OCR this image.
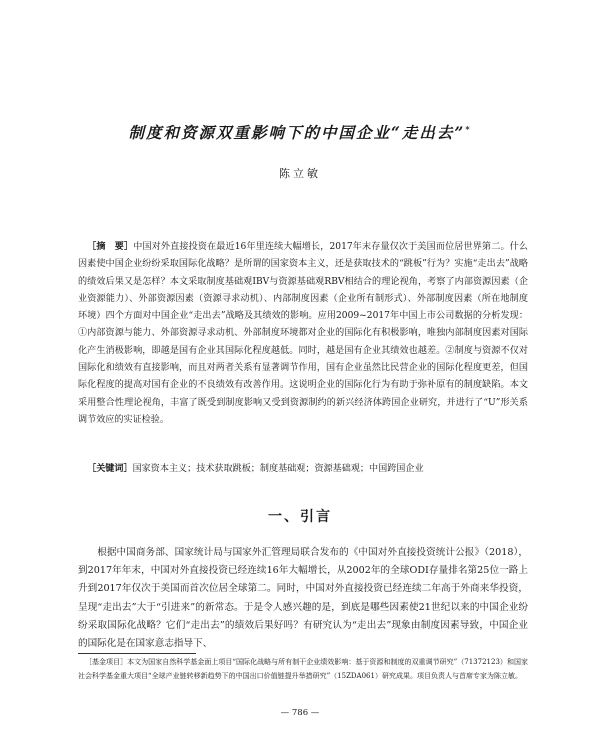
制度和资源双重影响下的中国企业“走出去”*

陈立敏

［摘　要］中国对外直接投资在最近16年里连续大幅增长，2017年末存量仅次于美国而位居世界第二。什么因素使中国企业纷纷采取国际化战略？是所谓的国家资本主义，还是获取技术的“跳板”行为？实施“走出去”战略的绩效后果又是怎样？本文采取制度基础观IBV与资源基础观RBV相结合的理论视角，考察了内部资源因素（企业资源能力）、外部资源因素（资源寻求动机）、内部制度因素（企业所有制形式）、外部制度因素（所在地制度环境）四个方面对中国企业“走出去”战略及其绩效的影响。应用2009~2017年中国上市公司数据的分析发现：①内部资源与能力、外部资源寻求动机、外部制度环境都对企业的国际化有积极影响，唯独内部制度因素对国际化产生消极影响，即越是国有企业其国际化程度越低。同时，越是国有企业其绩效也越差。②制度与资源不仅对国际化和绩效有直接影响，而且对两者关系有显著调节作用，国有企业虽然比民营企业的国际化程度更差，但国际化程度的提高对国有企业的不良绩效有改善作用。这说明企业的国际化行为有助于弥补原有的制度缺陷。本文采用整合性理论视角，丰富了既受到制度影响又受到资源制约的新兴经济体跨国企业研究，并进行了“U”形关系调节效应的实证检验。

［关键词］国家资本主义；技术获取跳板；制度基础观；资源基础观；中国跨国企业

一、引言

根据中国商务部、国家统计局与国家外汇管理局联合发布的《中国对外直接投资统计公报》（2018），到2017年年末，中国对外直接投资已经连续16年大幅增长，从2002年的全球ODI存量排名第25位一路上升到2017年仅次于美国而首次位居全球第二。同时，中国对外直接投资已经连续二年高于外商来华投资，呈现“走出去”大于“引进来”的新常态。于是令人感兴趣的是，到底是哪些因素使21世纪以来的中国企业纷纷采取国际化战略？它们“走出去”的绩效后果好吗？有研究认为“走出去”现象由制度因素导致，中国企业的国际化是在国家意志指导下、

［基金项目］本文为国家自然科学基金面上项目“国际化战略与所有制干企业绩效影响：基于资源和制度的双重调节研究”（71372123）和国家社会科学基金重大项目“全球产业链转移新趋势下的中国出口价值链提升举措研究”（15ZDA061）研究成果。项目负责人与首席专家为陈立敏。

— 786 —
